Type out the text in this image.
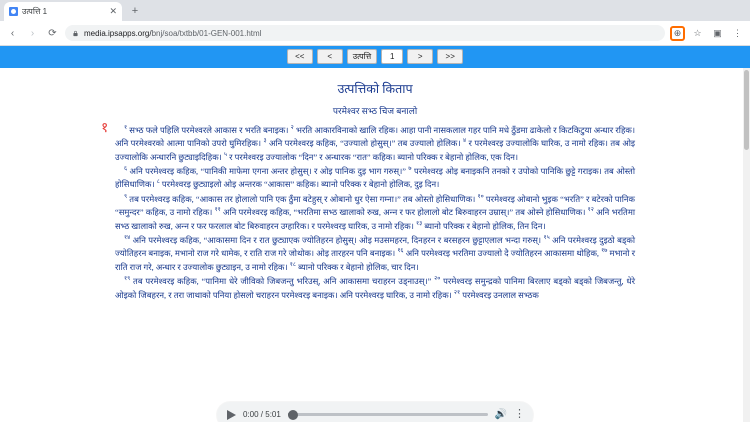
उत्पत्ति 1	✕	+
‹	›	⟳	media.ipsapps.org/bnj/soa/txtbb/01-GEN-001.html	⊕	☆	▣	⋮
<<	<	उत्पत्ति	1	>	>>
उत्पत्तिको किताप
परमेश्‍वर सभ्‍ठ चिज बनालो
१	$^१$ सभ्‍ठ फले पहिलि परमेश्‍वरले आकास र भरति बनाइक। $^२$ भरति आकारविनाको खालि रहिक। आहा पानी नासकलाल गहर पानि मधे ठुँडमा ढाकेलो र किटकिटुया अन्‍धार रहिक। अनि परमेश्‍वरको आत्‍मा पानिको उपरो घुमिरहिक। $^३$ अनि परमेश्‍वरइ कहिक, “उज्‍यालो होसुस्‌।” तब उज्‍यालो होलिक। $^४$ र परमेश्‍वरइ उज्‍यालोकि घारिक, उ नामो रहिक। तब ओइ उज्‍यालोकि अन्‍धारनि छुट्याइदिहिक। $^५$ र परमेश्‍वरइ उज्‍यालोक “दिन” र अन्‍धारक “रात” कहिक। ब्‍यानो परिक्‍क र बेहानो होलिक, एक दिन।

$^६$ अनि परमेश्‍वरइ कहिक, “पानिकी माफेमा एगना अन्‍तर होसुस्‌। र ओइ पानिक दुइ भाग गरुस्‌।” $^७$ परमेश्‍वरइ ओइ बनाइकनि तनको र उपोको पानिकि छुट्टे गराइक। तब ओस्‍तो होसिधाणिक। $^८$ परमेश्‍वरइ छुट्याइलो ओइ अन्‍तरक “आकास” कहिक। ब्‍यानो परिक्‍क र बेहानो होलिक, दुइ दिन।

$^९$ तब परमेश्‍वरइ कहिक, “आकास तर होलालो पानि एक ठुँमा बटेहुस्‌ र ओबानो धुर ऐसा गम्‍ना।” तब ओस्‍तो होसिधाणिक। $^{१०}$ परमेश्‍वरइ ओबानो भुइक “भरति” र बटेरको पानिक “समुन्‍दर” कहिक, उ नामो रहिक। $^{११}$ अनि परमेश्‍वरइ कहिक, “भरतिमा सभ्‍ठ खालाको रुख, अन्‍न र फर होलालो बोट बिरुवाहरन उम्रास्‌।” तब ओस्‍ने होसिधाणिक। $^{१२}$ अनि भरतिमा सभ्‍ठ खालाको रुख, अन्‍न र फर फरलाल बोट बिरुवाहरन उग्‍हारिक। र परमेश्‍वरइ घारिक, उ नामो रहिक। $^{१३}$ ब्‍यानो परिक्‍क र बेहानो होलिक, तिन दिन।

$^{१४}$ अनि परमेश्‍वरइ कहिक, “आकासमा दिन र रात छुट्याएक ज्‍योतिहरन होसुस्‌। ओइ मउसमहरन, दिनहरन र बरसहरन छुट्टाएलाल भन्‍दा गरुस्‌। $^{१५}$ अनि परमेश्‍वरइ दुइठो बड्‍को ज्‍योतिहरन बनाइक, मभानो राज गरे धामेक, र राति राज गरे जोथोक। ओइ तारहरन पनि बनाइक। $^{१६}$ अनि परमेश्‍वरइ भरतिमा उज्‍यालो देे ज्‍योतिहरन आकासमा थोहिक, $^{१७}$ मभानो र राति राज गरे, अन्‍धार र उज्‍यालोक छुट्याइन, उ नामो रहिक। $^{१८}$ ब्‍यानो परिक्‍क र बेहानो होलिक, चार दिन।

$^{१९}$ तब परमेश्‍वरइ कहिक, “पानिमा धेरे जीविको जिबजन्‍तु भरिउस्‌, अनि आकासमा चराहरन उड्‍नाउस्‌।” $^{२०}$ परमेश्‍वरइ समुन्‍द्रको पानिमा बिरलाए बड्‍को बड्‍को जिबजन्‍तु, धेरे ओइको जिबहरन, र तरा जाथाको पनिया होसलो चराहरन परमेश्‍वरइ बनाइक। अनि परमेश्‍वरइ घारिक, उ नामो रहिक। $^{२१}$ परमेश्‍वरइ उनलाल सभ्‍ठक

0:00 / 5:01	🔊 ⋮
